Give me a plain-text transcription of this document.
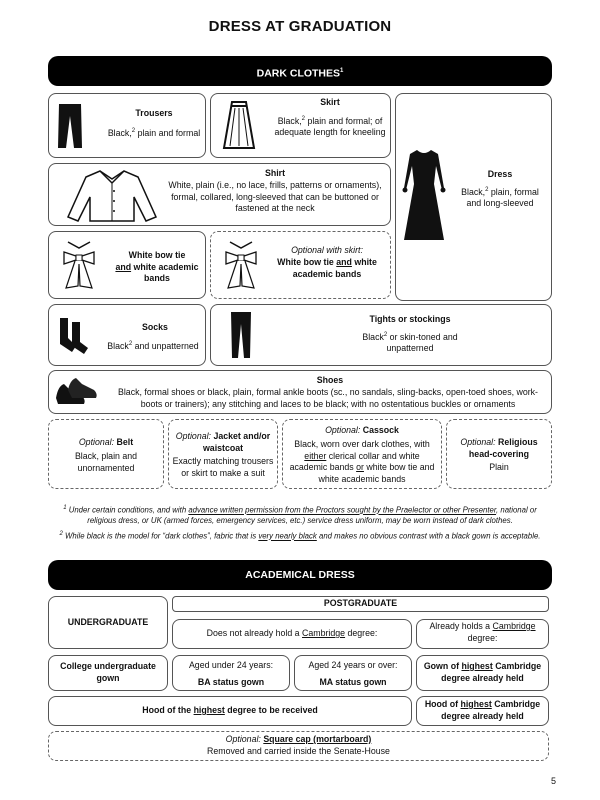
DRESS AT GRADUATION
DARK CLOTHES$^1$
Trousers
Black,$^2$ plain and formal
Skirt
Black,$^2$ plain and formal; of adequate length for kneeling
Dress
Black,$^2$ plain, formal and long-sleeved
Shirt
White, plain (i.e., no lace, frills, patterns or ornaments), formal, collared, long-sleeved that can be buttoned or fastened at the neck
White bow tie
and white academic bands
Optional with skirt:
White bow tie and white academic bands
Socks
Black$^2$ and unpatterned
Tights or stockings
Black$^2$ or skin-toned and unpatterned
Shoes
Black, formal shoes or black, plain, formal ankle boots (sc., no sandals, sling-backs, open-toed shoes, work-boots or trainers); any stitching and laces to be black; with no ostentatious buckles or ornaments
Optional: Belt
Black, plain and unornamented
Optional: Jacket and/or waistcoat
Exactly matching trousers or skirt to make a suit
Optional: Cassock
Black, worn over dark clothes, with either clerical collar and white academic bands or white bow tie and white academic bands
Optional: Religious head-covering
Plain
$^1$ Under certain conditions, and with advance written permission from the Proctors sought by the Praelector or other Presenter, national or religious dress, or UK (armed forces, emergency services, etc.) service dress uniform, may be worn instead of dark clothes.
$^2$ While black is the model for “dark clothes”, fabric that is very nearly black and makes no obvious contrast with a black gown is acceptable.
ACADEMICAL DRESS
UNDERGRADUATE
POSTGRADUATE
Does not already hold a Cambridge degree:
Already holds a Cambridge degree:
College undergraduate gown
Aged under 24 years:
BA status gown
Aged 24 years or over:
MA status gown
Gown of highest Cambridge degree already held
Hood of the highest degree to be received
Hood of highest Cambridge degree already held
Optional: Square cap (mortarboard)
Removed and carried inside the Senate-House
5
